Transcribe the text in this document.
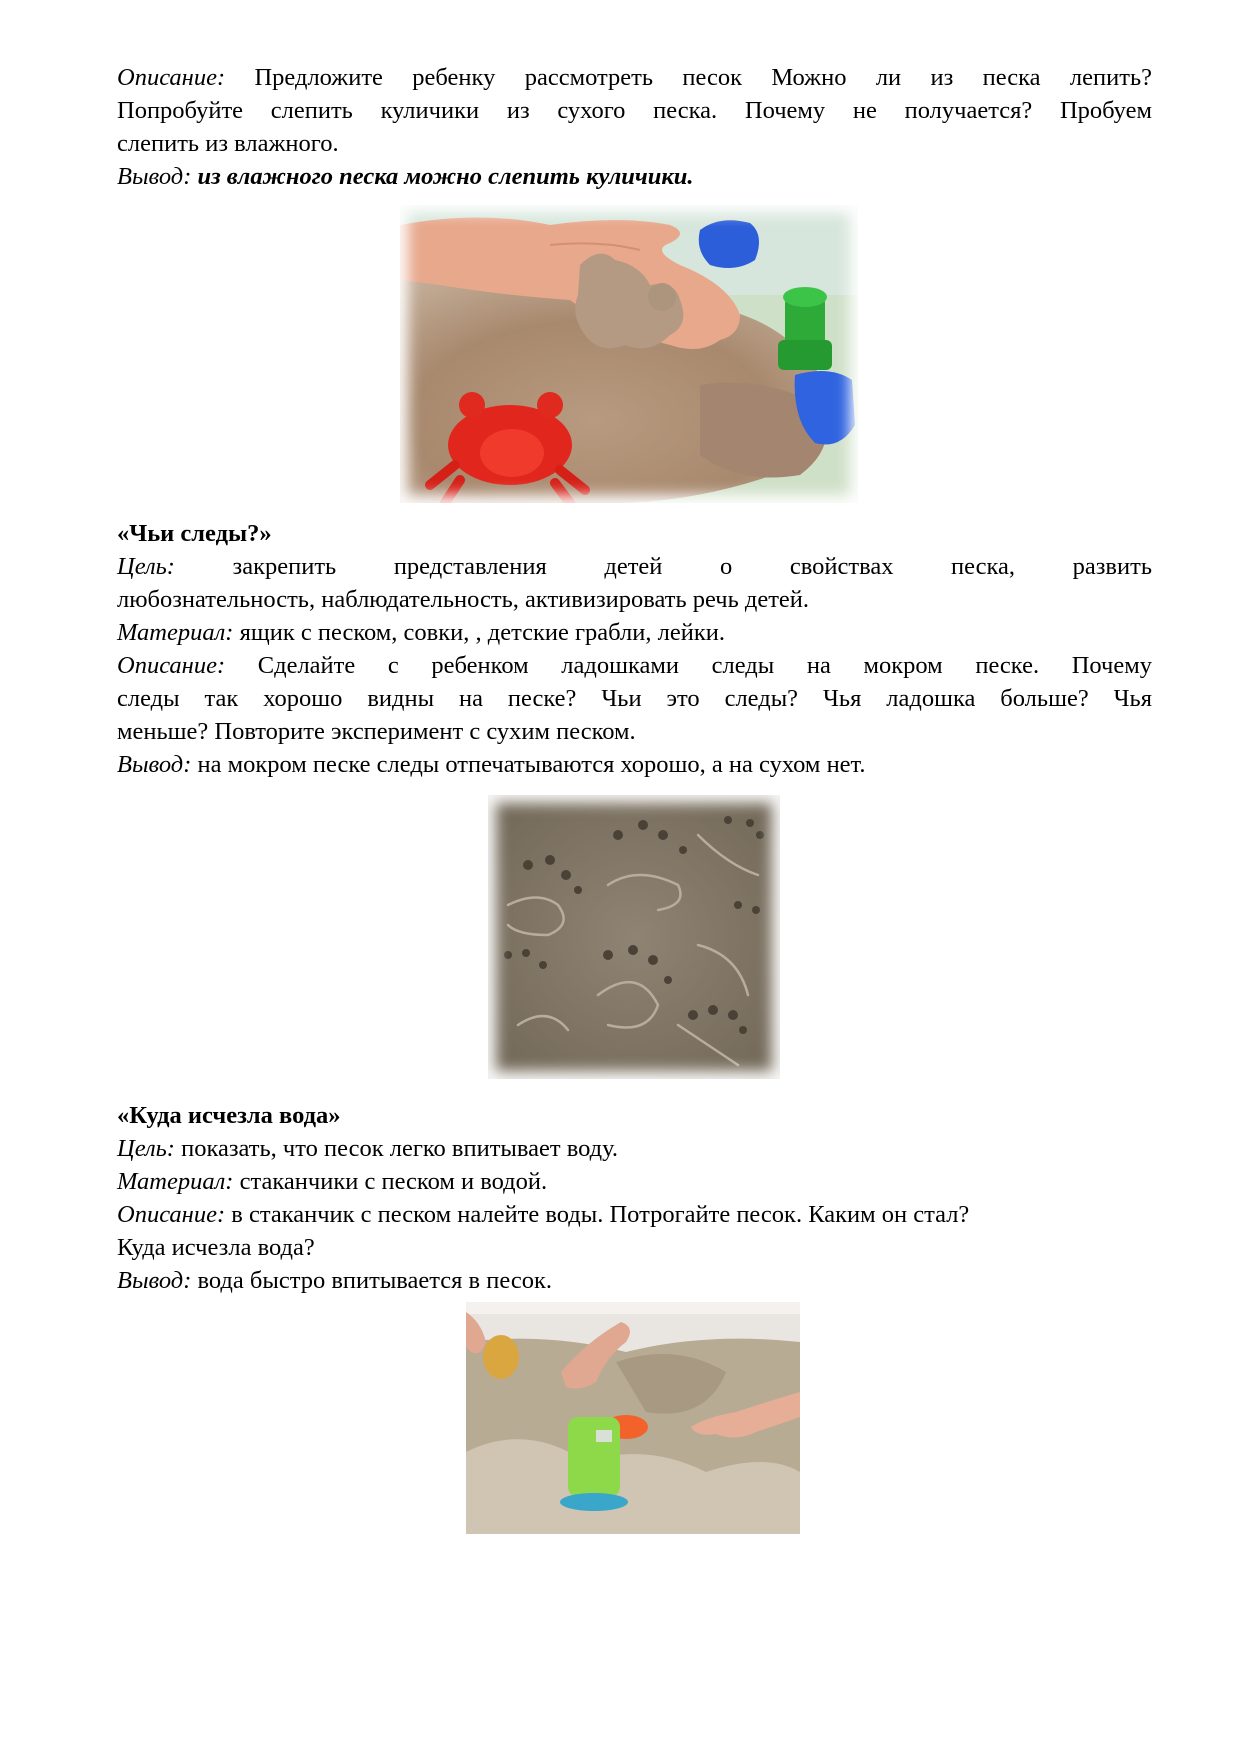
Описание: Предложите ребенку рассмотреть песок Можно ли из песка лепить?
Попробуйте слепить куличики из сухого песка. Почему не получается? Пробуем
слепить из влажного.
Вывод: из влажного песка можно слепить куличики.
«Чьи следы?»
Цель: закрепить представления детей о свойствах песка, развить
любознательность, наблюдательность, активизировать речь детей.
Материал: ящик с песком, совки, , детские грабли, лейки.
Описание: Сделайте с ребенком ладошками следы на мокром песке. Почему
следы так хорошо видны на песке? Чьи это следы? Чья ладошка больше? Чья
меньше? Повторите эксперимент с сухим песком.
Вывод: на мокром песке следы отпечатываются хорошо, а на сухом нет.
«Куда исчезла вода»
Цель: показать, что песок легко впитывает воду.
Материал: стаканчики с песком и водой.
Описание: в стаканчик с песком налейте воды. Потрогайте песок. Каким он стал?
Куда исчезла вода?
Вывод: вода быстро впитывается в песок.
